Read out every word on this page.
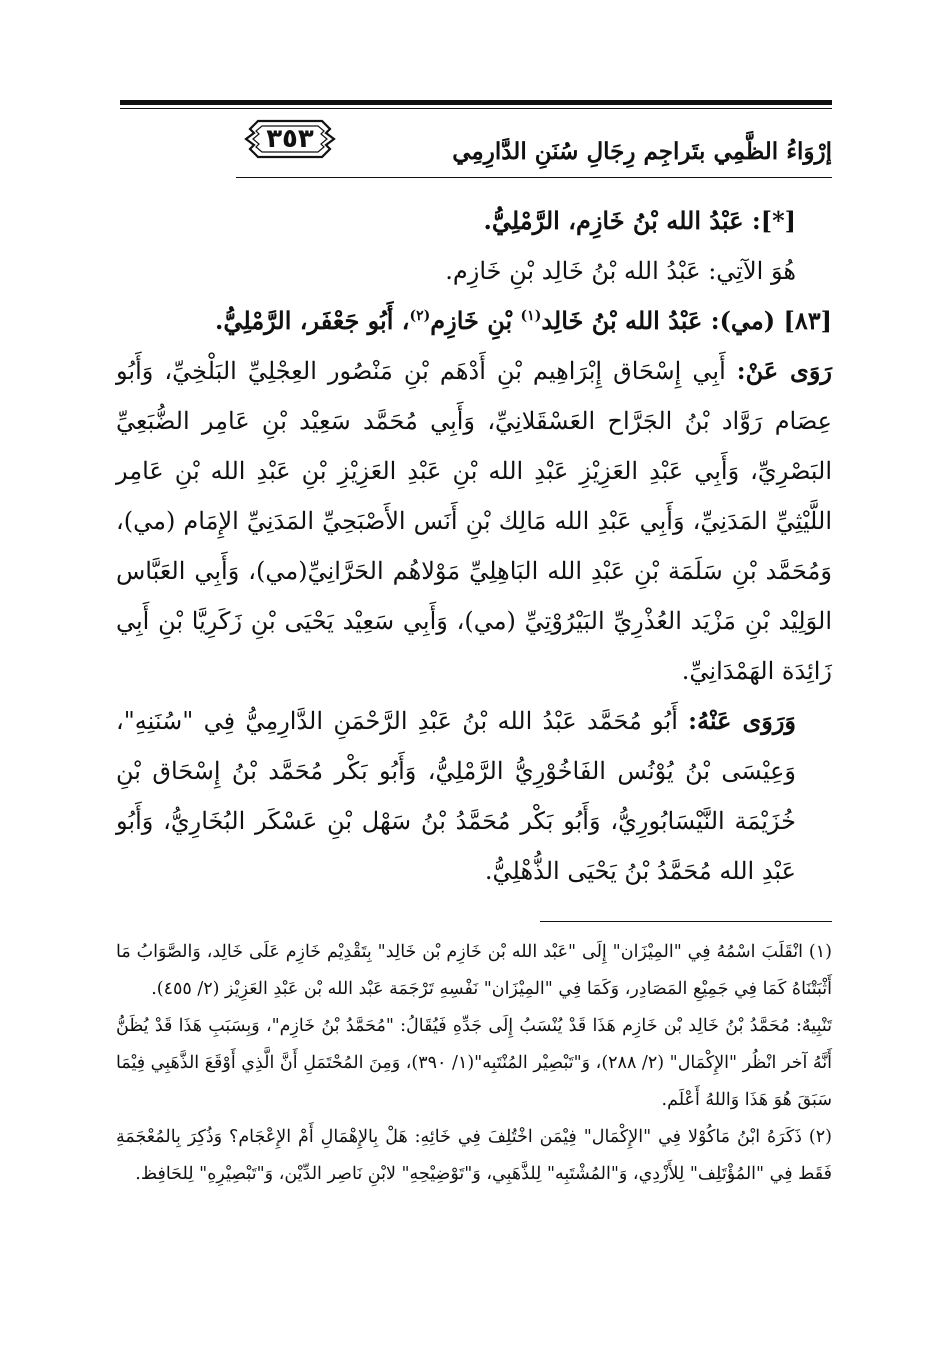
٣٥٣	إرْوَاءُ الظَّمِي بتَراجِم رِجَالِ سُنَنِ الدَّارِمِي

[*]: عَبْدُ الله بْنُ خَازِم، الرَّمْلِيُّ.

هُوَ الآتِي: عَبْدُ الله بْنُ خَالِد بْنِ خَازِم.

[٨٣] (مي): عَبْدُ الله بْنُ خَالِد$^{(١)}$ بْنِ خَازِم$^{(٢)}$، أَبُو جَعْفَر، الرَّمْلِيُّ.

رَوَى عَنْ: أَبِي إِسْحَاق إِبْرَاهِيم بْنِ أَدْهَم بْنِ مَنْصُور العِجْلِيِّ البَلْخِيِّ، وَأَبُو عِصَام رَوَّاد بْنُ الجَرَّاح العَسْقَلانِيِّ، وَأَبِي مُحَمَّد سَعِيْد بْنِ عَامِر الضُّبَعِيِّ البَصْرِيِّ، وَأَبِي عَبْدِ العَزِيْزِ عَبْدِ الله بْنِ عَبْدِ العَزِيْزِ بْنِ عَبْدِ الله بْنِ عَامِر اللَّيْثِيِّ المَدَنِيِّ، وَأَبِي عَبْدِ الله مَالِك بْنِ أَنَس الأَصْبَحِيِّ المَدَنِيِّ الإِمَام (مي)، وَمُحَمَّد بْنِ سَلَمَة بْنِ عَبْدِ الله البَاهِلِيِّ مَوْلاهُم الحَرَّانِيِّ(مي)، وَأَبِي العَبَّاس الوَلِيْد بْنِ مَزْيَد العُذْرِيِّ البَيْرُوْتِيِّ (مي)، وَأَبِي سَعِيْد يَحْيَى بْنِ زَكَرِيَّا بْنِ أَبِي زَائِدَة الهَمْدَانِيِّ.

وَرَوَى عَنْهُ: أَبُو مُحَمَّد عَبْدُ الله بْنُ عَبْدِ الرَّحْمَنِ الدَّارِمِيُّ فِي "سُنَنِهِ"، وَعِيْسَى بْنُ يُوْنُس الفَاخُوْرِيُّ الرَّمْلِيُّ، وَأَبُو بَكْر مُحَمَّد بْنُ إِسْحَاق بْنِ خُزَيْمَة النَّيْسَابُورِيُّ، وَأَبُو بَكْر مُحَمَّدُ بْنُ سَهْل بْنِ عَسْكَر البُخَارِيُّ، وَأَبُو عَبْدِ الله مُحَمَّدُ بْنُ يَحْيَى الذُّهْلِيُّ.

(١) انْقَلَبَ اسْمُهُ فِي "المِيْزَان" إِلَى "عَبْد الله بْن خَازِم بْن خَالِد" بِتَقْدِيْم خَازِم عَلَى خَالِد، وَالصَّوَابُ مَا أَثْبَتْنَاهُ كَمَا فِي جَمِيْعِ المَصَادِر، وَكَمَا فِي "المِيْزَان" نَفْسِهِ تَرْجَمَة عَبْد الله بْن عَبْدِ العَزِيْز (٢/ ٤٥٥).

تَنْبِيهٌ: مُحَمَّدُ بْنُ خَالِد بْن خَازِم هَذَا قَدْ يُنْسَبُ إِلَى جَدِّهِ فَيُقَالُ: "مُحَمَّدُ بْنُ خَازِم"، وَبِسَبَبِ هَذَا قَدْ يُظَنُّ أَنَّهُ آخر انْظُر "الإِكْمَال" (٢/ ٢٨٨)، وَ"تَبْصِيْر المُنْتَبِه"(١/ ٣٩٠)، وَمِنَ المُحْتَمَلِ أَنَّ الَّذِي أَوْقَعَ الذَّهَبِي فِيْمَا سَبَقَ هُوَ هَذَا وَاللهُ أَعْلَم.

(٢) ذَكَرَهُ ابْنُ مَاكُوْلا فِي "الإِكْمَال" فِيْمَن اخْتُلِفَ فِي خَائِهِ: هَلْ بِالإِهْمَالِ أَمْ الإِعْجَام؟ وَذُكِرَ بِالمُعْجَمَةِ فَقَط فِي "المُؤْتَلِف" لِلأَزْدِي، وَ"المُشْتَبِه" لِلذَّهَبِي، وَ"تَوْضِيْحِهِ" لابْنِ نَاصِر الدِّيْن، وَ"تَبْصِيْرِهِ" لِلحَافِظ.
